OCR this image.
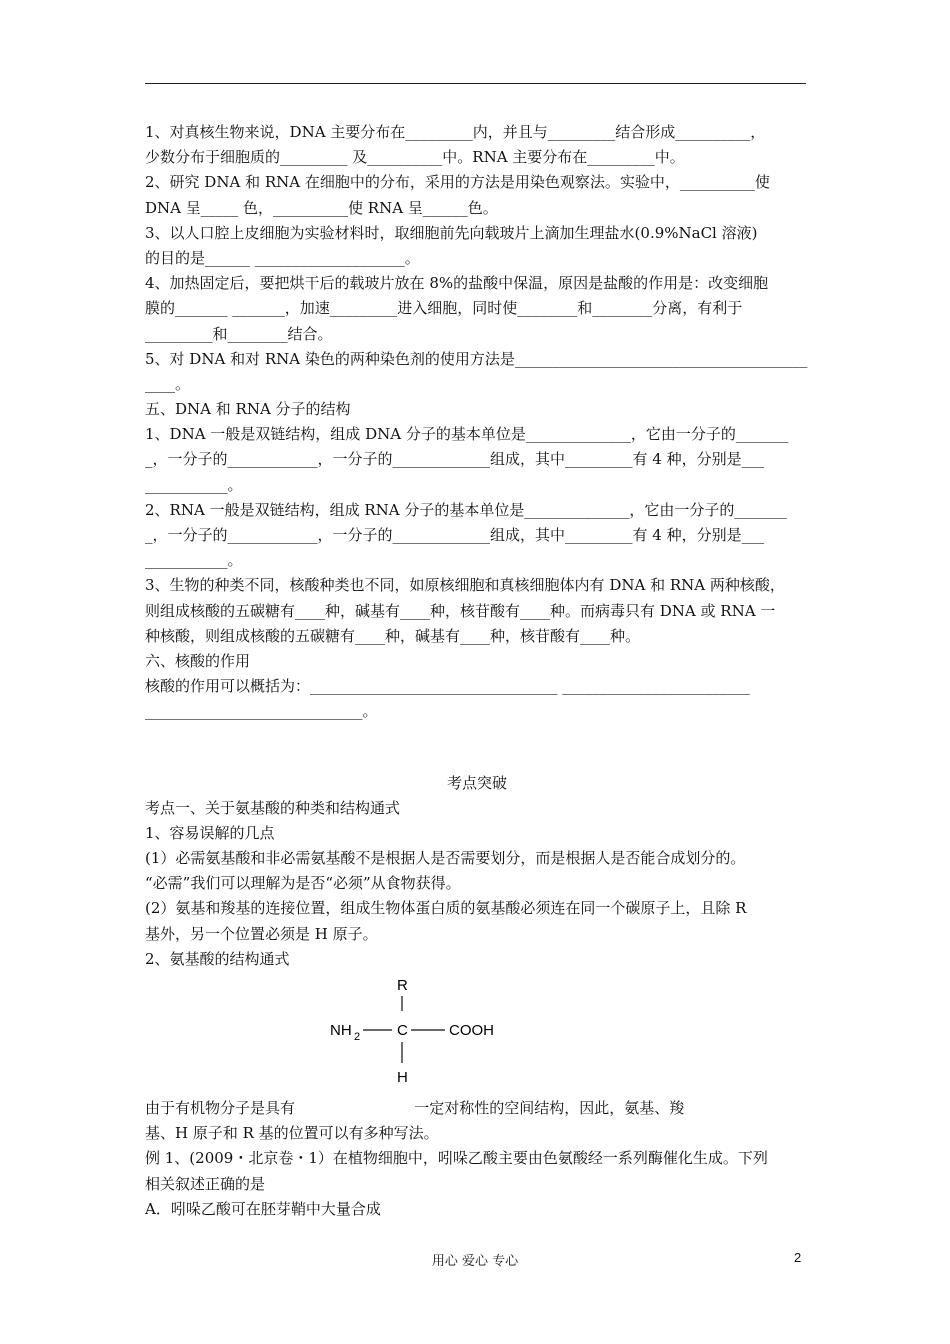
1、对真核生物来说，DNA 主要分布在_________内，并且与_________结合形成__________，
少数分布于细胞质的_________ 及__________中。RNA 主要分布在_________中。
2、研究 DNA 和 RNA 在细胞中的分布，采用的方法是用染色观察法。实验中，__________使
DNA 呈_____ 色，__________使 RNA 呈______色。
3、以人口腔上皮细胞为实验材料时，取细胞前先向载玻片上滴加生理盐水(0.9%NaCl 溶液)
的目的是______ ____________________。
4、加热固定后，要把烘干后的载玻片放在 8%的盐酸中保温，原因是盐酸的作用是：改变细胞
膜的_______ _______，加速_________进入细胞，同时使________和________分离，有利于
_________和________结合。
5、对 DNA 和对 RNA 染色的两种染色剂的使用方法是_______________________________________
____。
五、DNA 和 RNA 分子的结构
1、DNA 一般是双链结构，组成 DNA 分子的基本单位是______________，它由一分子的_______
_，一分子的____________，一分子的_____________组成，其中_________有 4 种，分别是___
___________。
2、RNA 一般是双链结构，组成 RNA 分子的基本单位是______________，它由一分子的_______
_，一分子的____________，一分子的_____________组成，其中_________有 4 种，分别是___
___________。
3、生物的种类不同，核酸种类也不同，如原核细胞和真核细胞体内有 DNA 和 RNA 两种核酸，
则组成核酸的五碳糖有____种，碱基有____种，核苷酸有____种。而病毒只有 DNA 或 RNA 一
种核酸，则组成核酸的五碳糖有____种，碱基有____种，核苷酸有____种。
六、核酸的作用
核酸的作用可以概括为：_________________________________ _________________________
_____________________________。
考点突破
考点一、关于氨基酸的种类和结构通式
1、容易误解的几点
(1）必需氨基酸和非必需氨基酸不是根据人是否需要划分，而是根据人是否能合成划分的。
“必需”我们可以理解为是否“必须”从食物获得。
(2）氨基和羧基的连接位置，组成生物体蛋白质的氨基酸必须连在同一个碳原子上，且除 R
基外，另一个位置必须是 H 原子。
2、氨基酸的结构通式
R
NH 2 C	COOH
H
由于有机物分子是具有                         一定对称性的空间结构，因此，氨基、羧
基、H 原子和 R 基的位置可以有多种写法。
例 1、(2009・北京卷・1）在植物细胞中，吲哚乙酸主要由色氨酸经一系列酶催化生成。下列
相关叙述正确的是
A．吲哚乙酸可在胚芽鞘中大量合成
用心 爱心 专心	2
